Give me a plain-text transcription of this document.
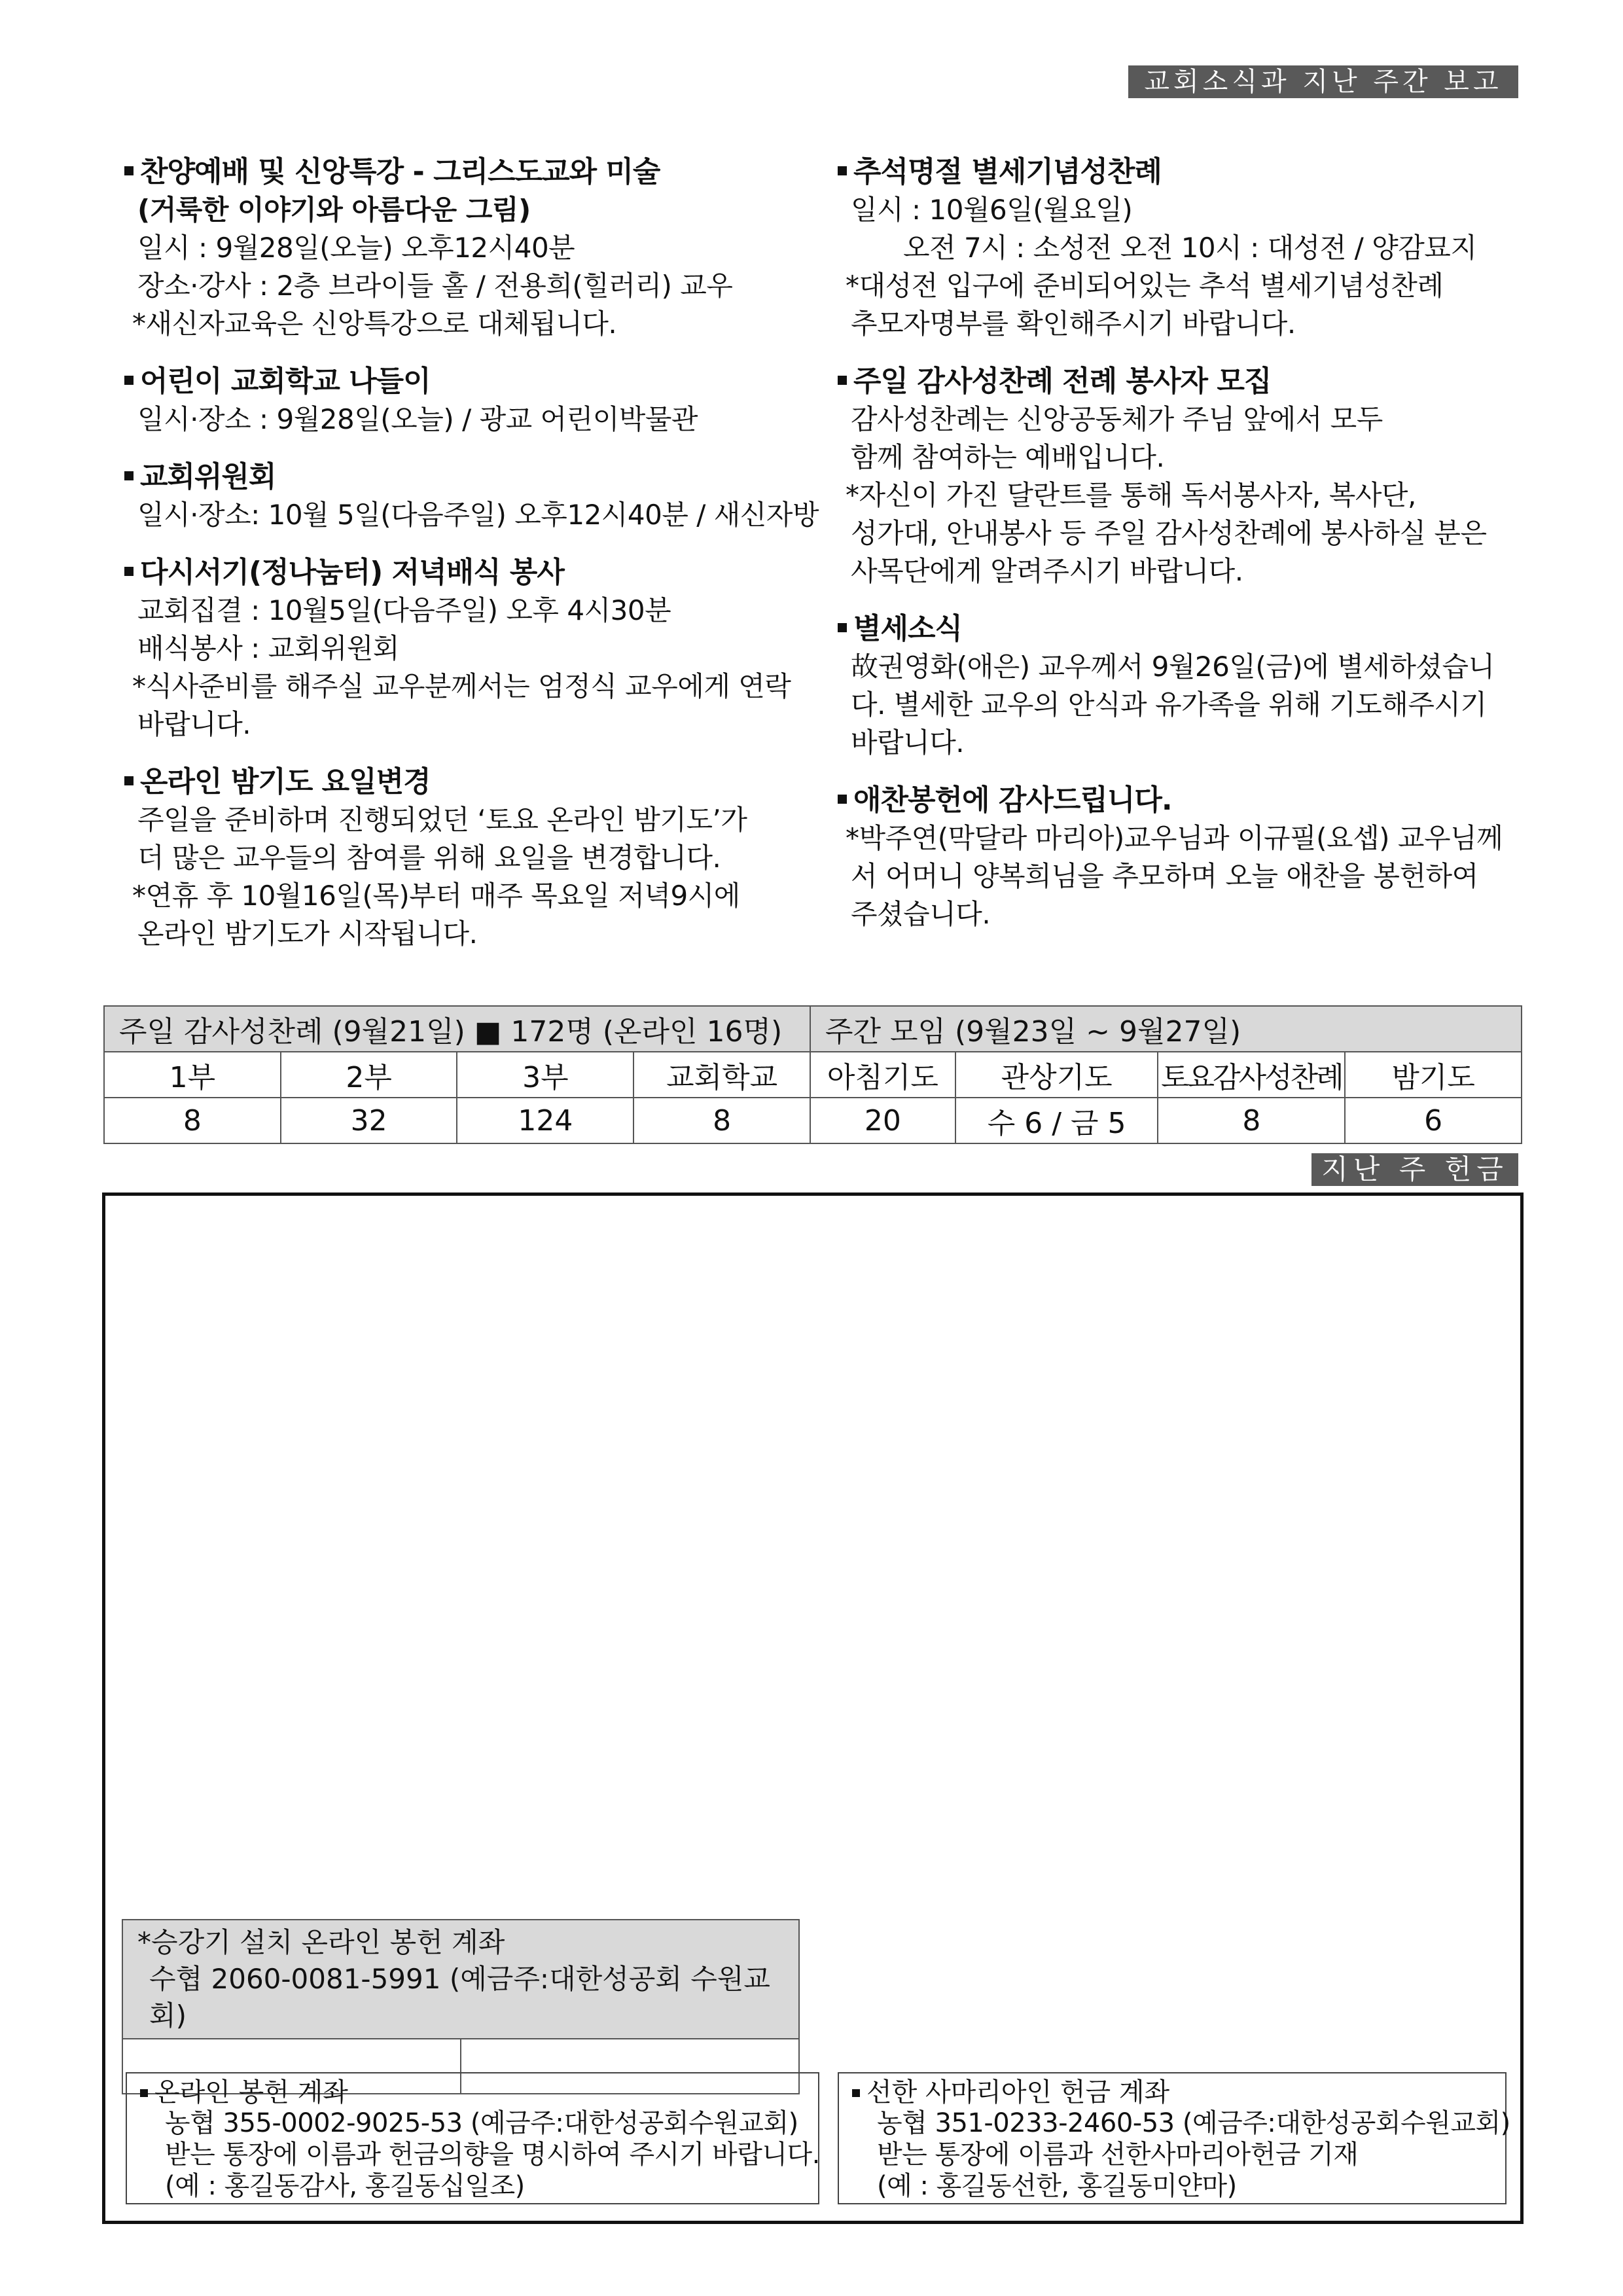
교회소식과 지난 주간 보고
찬양예배 및 신앙특강 - 그리스도교와 미술
(거룩한 이야기와 아름다운 그림)
일시 : 9월28일(오늘) 오후12시40분
장소·강사 : 2층 브라이들 홀 / 전용희(힐러리) 교우
*새신자교육은 신앙특강으로 대체됩니다.
어린이 교회학교 나들이
일시·장소 : 9월28일(오늘) / 광교 어린이박물관
교회위원회
일시·장소: 10월 5일(다음주일) 오후12시40분 / 새신자방
다시서기(정나눔터) 저녁배식 봉사
교회집결 : 10월5일(다음주일) 오후 4시30분
배식봉사 : 교회위원회
*식사준비를 해주실 교우분께서는 엄정식 교우에게 연락
바랍니다.
온라인 밤기도 요일변경
주일을 준비하며 진행되었던 ‘토요 온라인 밤기도’가
더 많은 교우들의 참여를 위해 요일을 변경합니다.
*연휴 후 10월16일(목)부터 매주 목요일 저녁9시에
온라인 밤기도가 시작됩니다.
추석명절 별세기념성찬례
일시 : 10월6일(월요일)
오전 7시 : 소성전 오전 10시 : 대성전 / 양감묘지
*대성전 입구에 준비되어있는 추석 별세기념성찬례
추모자명부를 확인해주시기 바랍니다.
주일 감사성찬례 전례 봉사자 모집
감사성찬례는 신앙공동체가 주님 앞에서 모두
함께 참여하는 예배입니다.
*자신이 가진 달란트를 통해 독서봉사자, 복사단,
성가대, 안내봉사 등 주일 감사성찬례에 봉사하실 분은
사목단에게 알려주시기 바랍니다.
별세소식
故권영화(애은) 교우께서 9월26일(금)에 별세하셨습니
다. 별세한 교우의 안식과 유가족을 위해 기도해주시기
바랍니다.
애찬봉헌에 감사드립니다.
*박주연(막달라 마리아)교우님과 이규필(요셉) 교우님께
서 어머니 양복희님을 추모하며 오늘 애찬을 봉헌하여
주셨습니다.
주일 감사성찬례 (9월21일) ■ 172명 (온라인 16명)				주간 모임 (9월23일 ~ 9월27일)			
1부	2부	3부	교회학교	아침기도	관상기도	토요감사성찬례	밤기도
8	32	124	8	20	수 6 / 금 5	8	6
지난 주 헌금
*승강기 설치 온라인 봉헌 계좌
수협 2060-0081-5991 (예금주:대한성공회 수원교회)

온라인 봉헌 계좌
농협 355-0002-9025-53 (예금주:대한성공회수원교회)
받는 통장에 이름과 헌금의향을 명시하여 주시기 바랍니다.
(예 : 홍길동감사, 홍길동십일조)
선한 사마리아인 헌금 계좌
농협 351-0233-2460-53 (예금주:대한성공회수원교회)
받는 통장에 이름과 선한사마리아헌금 기재
(예 : 홍길동선한, 홍길동미얀마)
